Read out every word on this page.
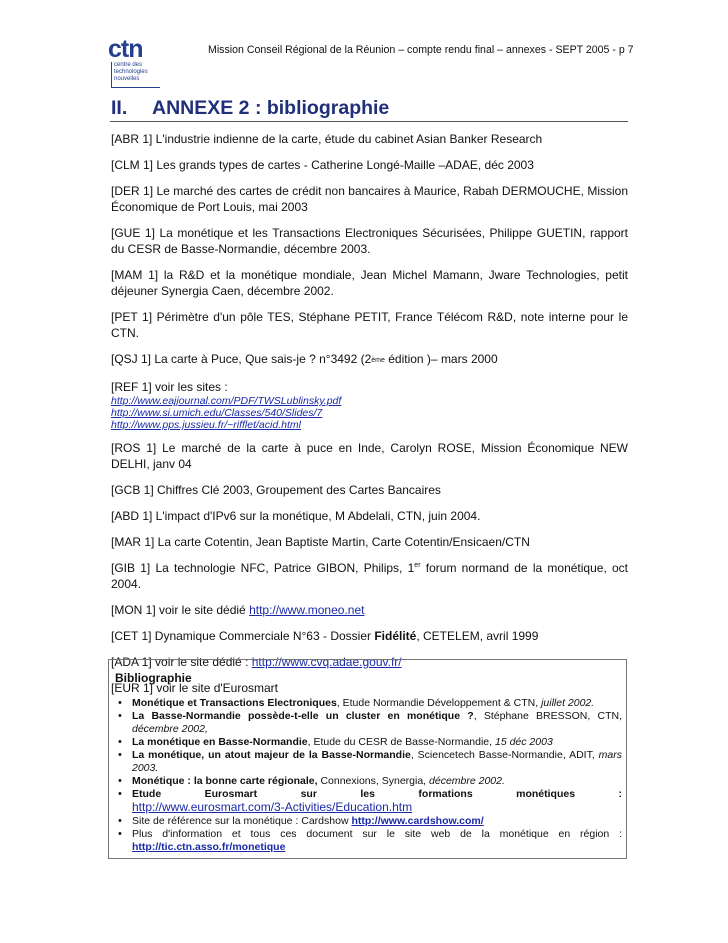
ctn
centre des
technologies
nouvelles
Mission Conseil Régional de la Réunion – compte rendu final – annexes - SEPT 2005 - p 7
II. ANNEXE 2 : bibliographie

[ABR 1] L'industrie indienne de la carte, étude du cabinet Asian Banker Research

[CLM 1] Les grands types de cartes - Catherine Longé-Maille –ADAE, déc 2003

[DER 1] Le marché des cartes de crédit non bancaires à Maurice, Rabah DERMOUCHE, Mission Économique de Port Louis, mai 2003

[GUE 1] La monétique et les Transactions Electroniques Sécurisées, Philippe GUETIN, rapport du CESR de Basse-Normandie, décembre 2003.

[MAM 1] la R&D et la monétique mondiale, Jean Michel Mamann, Jware Technologies, petit déjeuner Synergia Caen, décembre 2002.

[PET 1] Périmètre d'un pôle TES, Stéphane PETIT, France Télécom R&D, note interne pour le CTN.

[QSJ 1] La carte à Puce, Que sais-je ? n°3492 (2ème édition )– mars 2000

[REF 1] voir les sites :
http://www.eajjournal.com/PDF/TWSLublinsky.pdf
http://www.si.umich.edu/Classes/540/Slides/7
http://www.pps.jussieu.fr/~rifflet/acid.html

[ROS 1] Le marché de la carte à puce en Inde, Carolyn ROSE, Mission Économique NEW DELHI, janv 04

[GCB 1] Chiffres Clé 2003, Groupement des Cartes Bancaires

[ABD 1] L'impact d'IPv6 sur la monétique, M Abdelali, CTN, juin 2004.

[MAR 1] La carte Cotentin, Jean Baptiste Martin, Carte Cotentin/Ensicaen/CTN

[GIB 1] La technologie NFC, Patrice GIBON, Philips, 1er forum normand de la monétique, oct 2004.

[MON 1] voir le site dédié http://www.moneo.net

[CET 1] Dynamique Commerciale N°63 - Dossier Fidélité, CETELEM, avril 1999

[ADA 1] voir le site dédié : http://www.cvq.adae.gouv.fr/

[EUR 1] voir le site d'Eurosmart

Bibliographie
• Monétique et Transactions Electroniques, Etude Normandie Développement & CTN, juillet 2002.
• La Basse-Normandie possède-t-elle un cluster en monétique ?, Stéphane BRESSON, CTN, décembre 2002,
• La monétique en Basse-Normandie, Etude du CESR de Basse-Normandie, 15 déc 2003
• La monétique, un atout majeur de la Basse-Normandie, Sciencetech Basse-Normandie, ADIT, mars 2003.
• Monétique : la bonne carte régionale, Connexions, Synergia, décembre 2002.
• Etude Eurosmart sur les formations monétiques : http://www.eurosmart.com/3-Activities/Education.htm
• Site de référence sur la monétique : Cardshow http://www.cardshow.com/
• Plus d'information et tous ces document sur le site web de la monétique en région : http://tic.ctn.asso.fr/monetique
